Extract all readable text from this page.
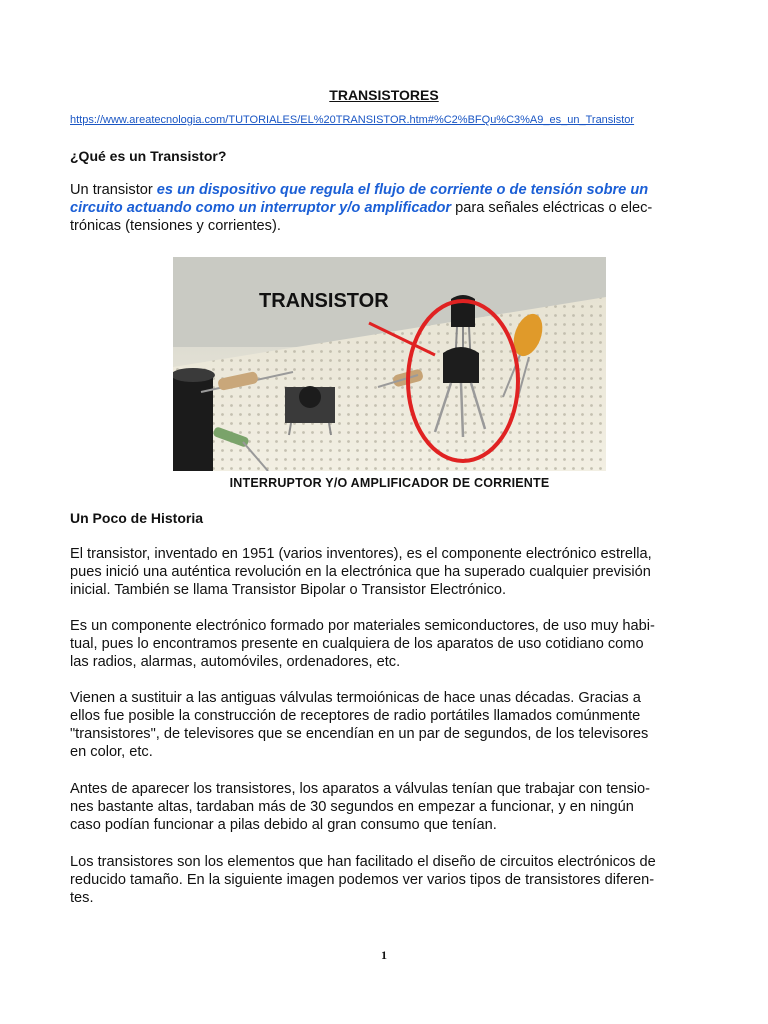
TRANSISTORES
https://www.areatecnologia.com/TUTORIALES/EL%20TRANSISTOR.htm#%C2%BFQu%C3%A9_es_un_Transistor
¿Qué es un Transistor?

Un transistor es un dispositivo que regula el flujo de corriente o de tensión sobre un
circuito actuando como un interruptor y/o amplificador para señales eléctricas o elec-
trónicas (tensiones y corrientes).

TRANSISTOR
INTERRUPTOR Y/O AMPLIFICADOR DE CORRIENTE
Un Poco de Historia

El transistor, inventado en 1951 (varios inventores), es el componente electrónico estrella,
pues inició una auténtica revolución en la electrónica que ha superado cualquier previsión
inicial. También se llama Transistor Bipolar o Transistor Electrónico.

Es un componente electrónico formado por materiales semiconductores, de uso muy habi-
tual, pues lo encontramos presente en cualquiera de los aparatos de uso cotidiano como
las radios, alarmas, automóviles, ordenadores, etc.

Vienen a sustituir a las antiguas válvulas termoiónicas de hace unas décadas. Gracias a
ellos fue posible la construcción de receptores de radio portátiles llamados comúnmente
"transistores", de televisores que se encendían en un par de segundos, de los televisores
en color, etc.

Antes de aparecer los transistores, los aparatos a válvulas tenían que trabajar con tensio-
nes bastante altas, tardaban más de 30 segundos en empezar a funcionar, y en ningún
caso podían funcionar a pilas debido al gran consumo que tenían.

Los transistores son los elementos que han facilitado el diseño de circuitos electrónicos de
reducido tamaño. En la siguiente imagen podemos ver varios tipos de transistores diferen-
tes.

1
